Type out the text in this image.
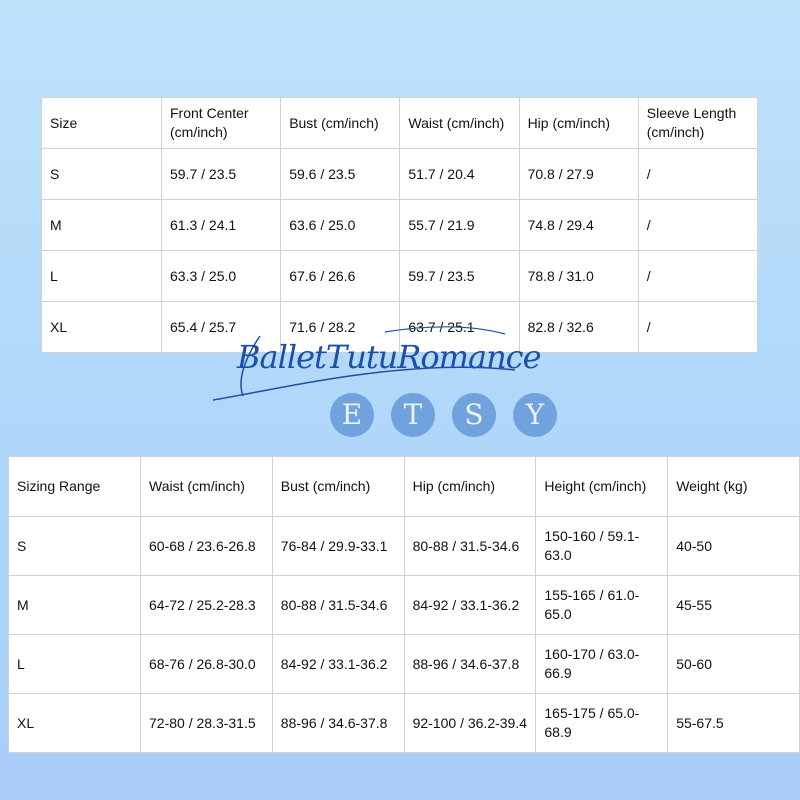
Size	Front Center (cm/inch)	Bust (cm/inch)	Waist (cm/inch)	Hip (cm/inch)	Sleeve Length (cm/inch)
S	59.7 / 23.5	59.6 / 23.5	51.7 / 20.4	70.8 / 27.9	/
M	61.3 / 24.1	63.6 / 25.0	55.7 / 21.9	74.8 / 29.4	/
L	63.3 / 25.0	67.6 / 26.6	59.7 / 23.5	78.8 / 31.0	/
XL	65.4 / 25.7	71.6 / 28.2	63.7 / 25.1	82.8 / 32.6	/
BalletTutuRomance
E	T	S	Y
Sizing Range	Waist (cm/inch)	Bust (cm/inch)	Hip (cm/inch)	Height (cm/inch)	Weight (kg)
S	60-68 / 23.6-26.8	76-84 / 29.9-33.1	80-88 / 31.5-34.6	150-160 / 59.1-63.0	40-50
M	64-72 / 25.2-28.3	80-88 / 31.5-34.6	84-92 / 33.1-36.2	155-165 / 61.0-65.0	45-55
L	68-76 / 26.8-30.0	84-92 / 33.1-36.2	88-96 / 34.6-37.8	160-170 / 63.0-66.9	50-60
XL	72-80 / 28.3-31.5	88-96 / 34.6-37.8	92-100 / 36.2-39.4	165-175 / 65.0-68.9	55-67.5
